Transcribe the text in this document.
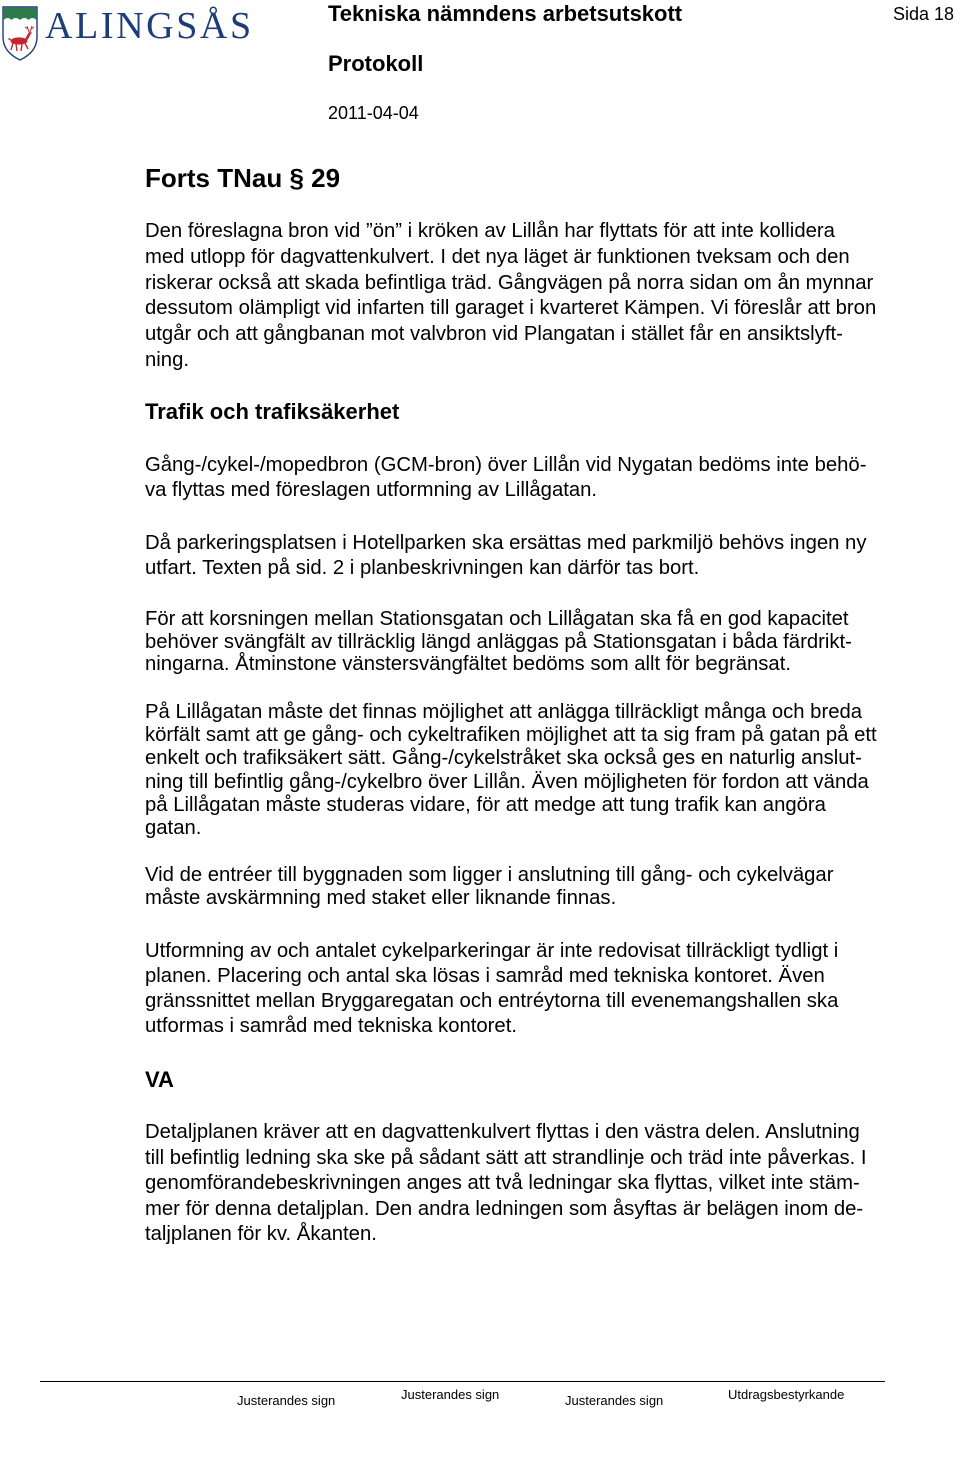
ALINGSÅS	Tekniska nämndens arbetsutskott	Sida 18
Protokoll
2011-04-04
Forts TNau § 29
Den föreslagna bron vid ”ön” i kröken av Lillån har flyttats för att inte kollidera
med utlopp för dagvattenkulvert. I det nya läget är funktionen tveksam och den
riskerar också att skada befintliga träd. Gångvägen på norra sidan om ån mynnar
dessutom olämpligt vid infarten till garaget i kvarteret Kämpen. Vi föreslår att bron
utgår och att gångbanan mot valvbron vid Plangatan i stället får en ansiktslyft-
ning.
Trafik och trafiksäkerhet
Gång-/cykel-/mopedbron (GCM-bron) över Lillån vid Nygatan bedöms inte behö-
va flyttas med föreslagen utformning av Lillågatan.
Då parkeringsplatsen i Hotellparken ska ersättas med parkmiljö behövs ingen ny
utfart. Texten på sid. 2 i planbeskrivningen kan därför tas bort.
För att korsningen mellan Stationsgatan och Lillågatan ska få en god kapacitet
behöver svängfält av tillräcklig längd anläggas på Stationsgatan i båda färdrikt-
ningarna. Åtminstone vänstersvängfältet bedöms som allt för begränsat.
På Lillågatan måste det finnas möjlighet att anlägga tillräckligt många och breda
körfält samt att ge gång- och cykeltrafiken möjlighet att ta sig fram på gatan på ett
enkelt och trafiksäkert sätt. Gång-/cykelstråket ska också ges en naturlig anslut-
ning till befintlig gång-/cykelbro över Lillån. Även möjligheten för fordon att vända
på Lillågatan måste studeras vidare, för att medge att tung trafik kan angöra
gatan.
Vid de entréer till byggnaden som ligger i anslutning till gång- och cykelvägar
måste avskärmning med staket eller liknande finnas.
Utformning av och antalet cykelparkeringar är inte redovisat tillräckligt tydligt i
planen. Placering och antal ska lösas i samråd med tekniska kontoret. Även
gränssnittet mellan Bryggaregatan och entréytorna till evenemangshallen ska
utformas i samråd med tekniska kontoret.
VA
Detaljplanen kräver att en dagvattenkulvert flyttas i den västra delen. Anslutning
till befintlig ledning ska ske på sådant sätt att strandlinje och träd inte påverkas. I
genomförandebeskrivningen anges att två ledningar ska flyttas, vilket inte stäm-
mer för denna detaljplan. Den andra ledningen som åsyftas är belägen inom de-
taljplanen för kv. Åkanten.
Justerandes sign	Justerandes sign	Justerandes sign	Utdragsbestyrkande
